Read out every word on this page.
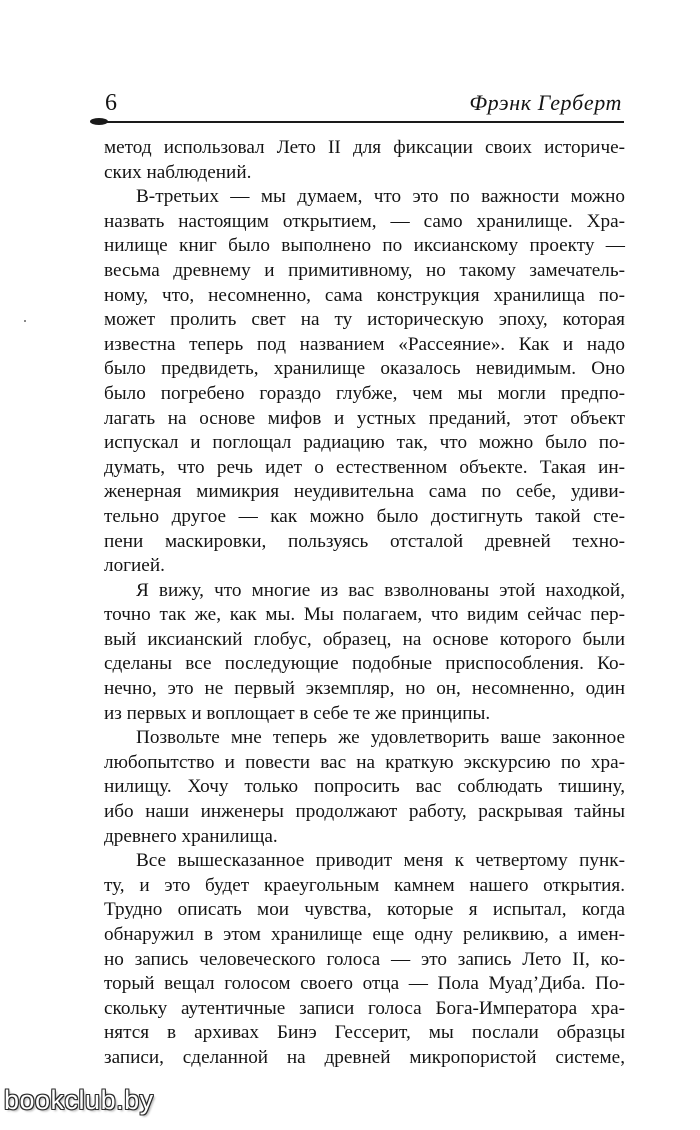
6	Фрэнк Герберт
метод использовал Лето II для фиксации своих историче-
ских наблюдений.
В-третьих — мы думаем, что это по важности можно
назвать настоящим открытием, — само хранилище. Хра-
нилище книг было выполнено по иксианскому проекту —
весьма древнему и примитивному, но такому замечатель-
ному, что, несомненно, сама конструкция хранилища по-
может пролить свет на ту историческую эпоху, которая
известна теперь под названием «Рассеяние». Как и надо
было предвидеть, хранилище оказалось невидимым. Оно
было погребено гораздо глубже, чем мы могли предпо-
лагать на основе мифов и устных преданий, этот объект
испускал и поглощал радиацию так, что можно было по-
думать, что речь идет о естественном объекте. Такая ин-
женерная мимикрия неудивительна сама по себе, удиви-
тельно другое — как можно было достигнуть такой сте-
пени маскировки, пользуясь отсталой древней техно-
логией.
Я вижу, что многие из вас взволнованы этой находкой,
точно так же, как мы. Мы полагаем, что видим сейчас пер-
вый иксианский глобус, образец, на основе которого были
сделаны все последующие подобные приспособления. Ко-
нечно, это не первый экземпляр, но он, несомненно, один
из первых и воплощает в себе те же принципы.
Позвольте мне теперь же удовлетворить ваше законное
любопытство и повести вас на краткую экскурсию по хра-
нилищу. Хочу только попросить вас соблюдать тишину,
ибо наши инженеры продолжают работу, раскрывая тайны
древнего хранилища.
Все вышесказанное приводит меня к четвертому пунк-
ту, и это будет краеугольным камнем нашего открытия.
Трудно описать мои чувства, которые я испытал, когда
обнаружил в этом хранилище еще одну реликвию, а имен-
но запись человеческого голоса — это запись Лето II, ко-
торый вещал голосом своего отца — Пола Муад’Диба. По-
скольку аутентичные записи голоса Бога-Императора хра-
нятся в архивах Бинэ Гессерит, мы послали образцы
записи, сделанной на древней микропористой системе,
bookclub.by
